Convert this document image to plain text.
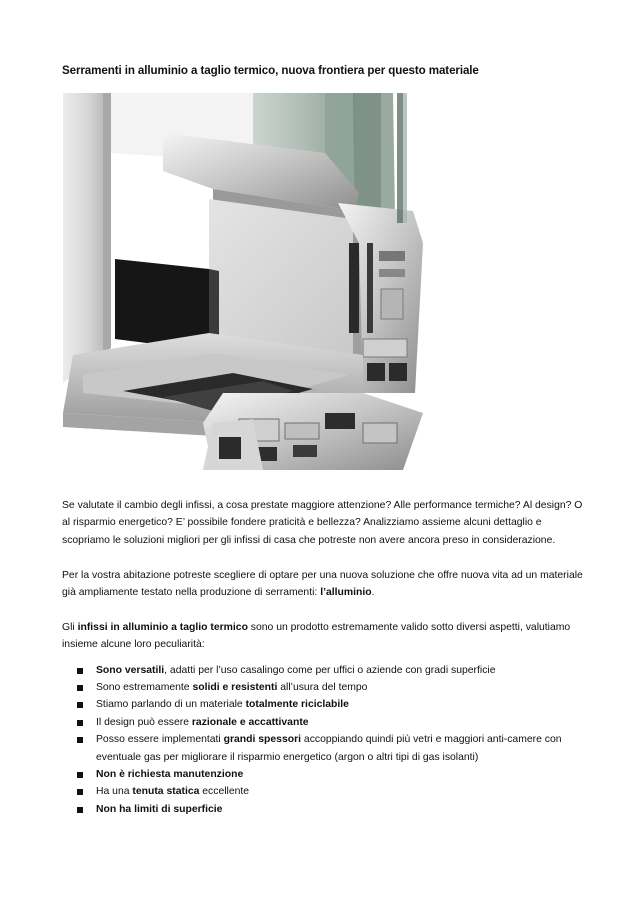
Serramenti in alluminio a taglio termico, nuova frontiera per questo materiale

Se valutate il cambio degli infissi, a cosa prestate maggiore attenzione? Alle performance termiche? Al design? O al risparmio energetico? E’ possibile fondere praticità e bellezza? Analizziamo assieme alcuni dettaglio e scopriamo le soluzioni migliori per gli infissi di casa che potreste non avere ancora preso in considerazione.

Per la vostra abitazione potreste scegliere di optare per una nuova soluzione che offre nuova vita ad un materiale già ampliamente testato nella produzione di serramenti: l’alluminio.

Gli infissi in alluminio a taglio termico sono un prodotto estremamente valido sotto diversi aspetti, valutiamo insieme alcune loro peculiarità:

Sono versatili, adatti per l’uso casalingo come per uffici o aziende con gradi superficie
Sono estremamente solidi e resistenti all’usura del tempo
Stiamo parlando di un materiale totalmente riciclabile
Il design può essere razionale e accattivante
Posso essere implementati grandi spessori accoppiando quindi più vetri e maggiori anti-camere con eventuale gas per migliorare il risparmio energetico (argon o altri tipi di gas isolanti)
Non è richiesta manutenzione
Ha una tenuta statica eccellente
Non ha limiti di superficie
